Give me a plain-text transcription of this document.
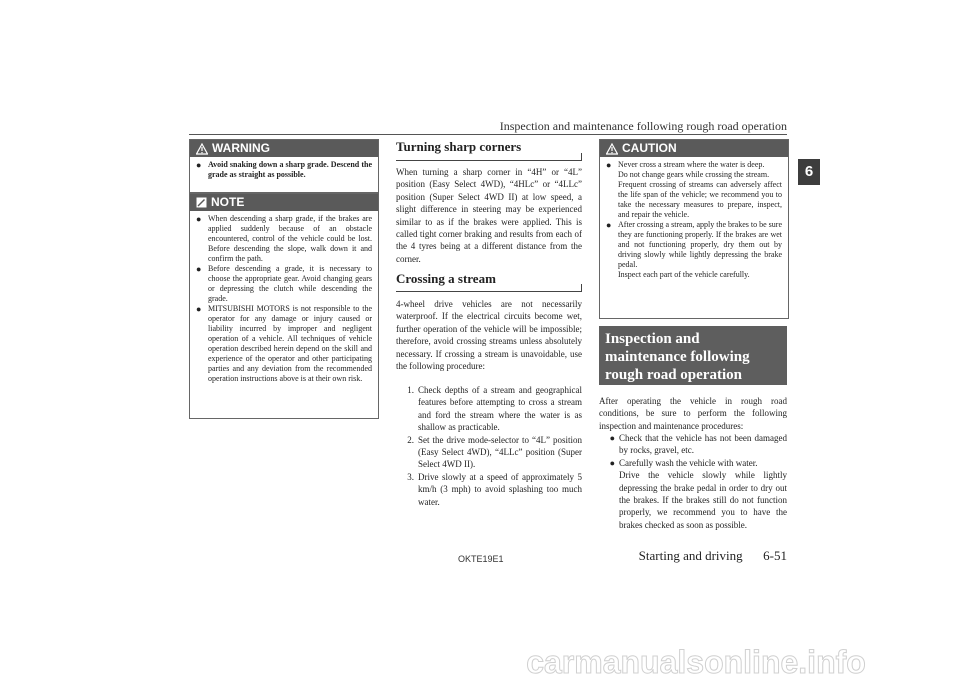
Inspection and maintenance following rough road operation
6
WARNING
● Avoid snaking down a sharp grade. Descend the grade as straight as possible.
NOTE
● When descending a sharp grade, if the brakes are applied suddenly because of an obstacle encountered, control of the vehicle could be lost. Before descending the slope, walk down it and confirm the path.
● Before descending a grade, it is necessary to choose the appropriate gear. Avoid changing gears or depressing the clutch while descending the grade.
● MITSUBISHI MOTORS is not responsible to the operator for any damage or injury caused or liability incurred by improper and negligent operation of a vehicle. All techniques of vehicle operation described herein depend on the skill and experience of the operator and other participating parties and any deviation from the recommended operation instructions above is at their own risk.
Turning sharp corners

When turning a sharp corner in “4H” or “4L” position (Easy Select 4WD), “4HLc” or “4LLc” position (Super Select 4WD II) at low speed, a slight difference in steering may be experienced similar to as if the brakes were applied. This is called tight corner braking and results from each of the 4 tyres being at a different distance from the corner.

Crossing a stream

4-wheel drive vehicles are not necessarily waterproof. If the electrical circuits become wet, further operation of the vehicle will be impossible; therefore, avoid crossing streams unless absolutely necessary. If crossing a stream is unavoidable, use the following procedure:

1. Check depths of a stream and geographical features before attempting to cross a stream and ford the stream where the water is as shallow as practicable.
2. Set the drive mode-selector to “4L” position (Easy Select 4WD), “4LLc” position (Super Select 4WD II).
3. Drive slowly at a speed of approximately 5 km/h (3 mph) to avoid splashing too much water.
CAUTION
● Never cross a stream where the water is deep.
Do not change gears while crossing the stream.
Frequent crossing of streams can adversely affect the life span of the vehicle; we recommend you to take the necessary measures to prepare, inspect, and repair the vehicle.
● After crossing a stream, apply the brakes to be sure they are functioning properly. If the brakes are wet and not functioning properly, dry them out by driving slowly while lightly depressing the brake pedal.
Inspect each part of the vehicle carefully.
Inspection and maintenance following rough road operation

After operating the vehicle in rough road conditions, be sure to perform the following inspection and maintenance procedures:

● Check that the vehicle has not been damaged by rocks, gravel, etc.
● Carefully wash the vehicle with water.
Drive the vehicle slowly while lightly depressing the brake pedal in order to dry out the brakes. If the brakes still do not function properly, we recommend you to have the brakes checked as soon as possible.
OKTE19E1	Starting and driving 6-51
carmanualsonline.info
